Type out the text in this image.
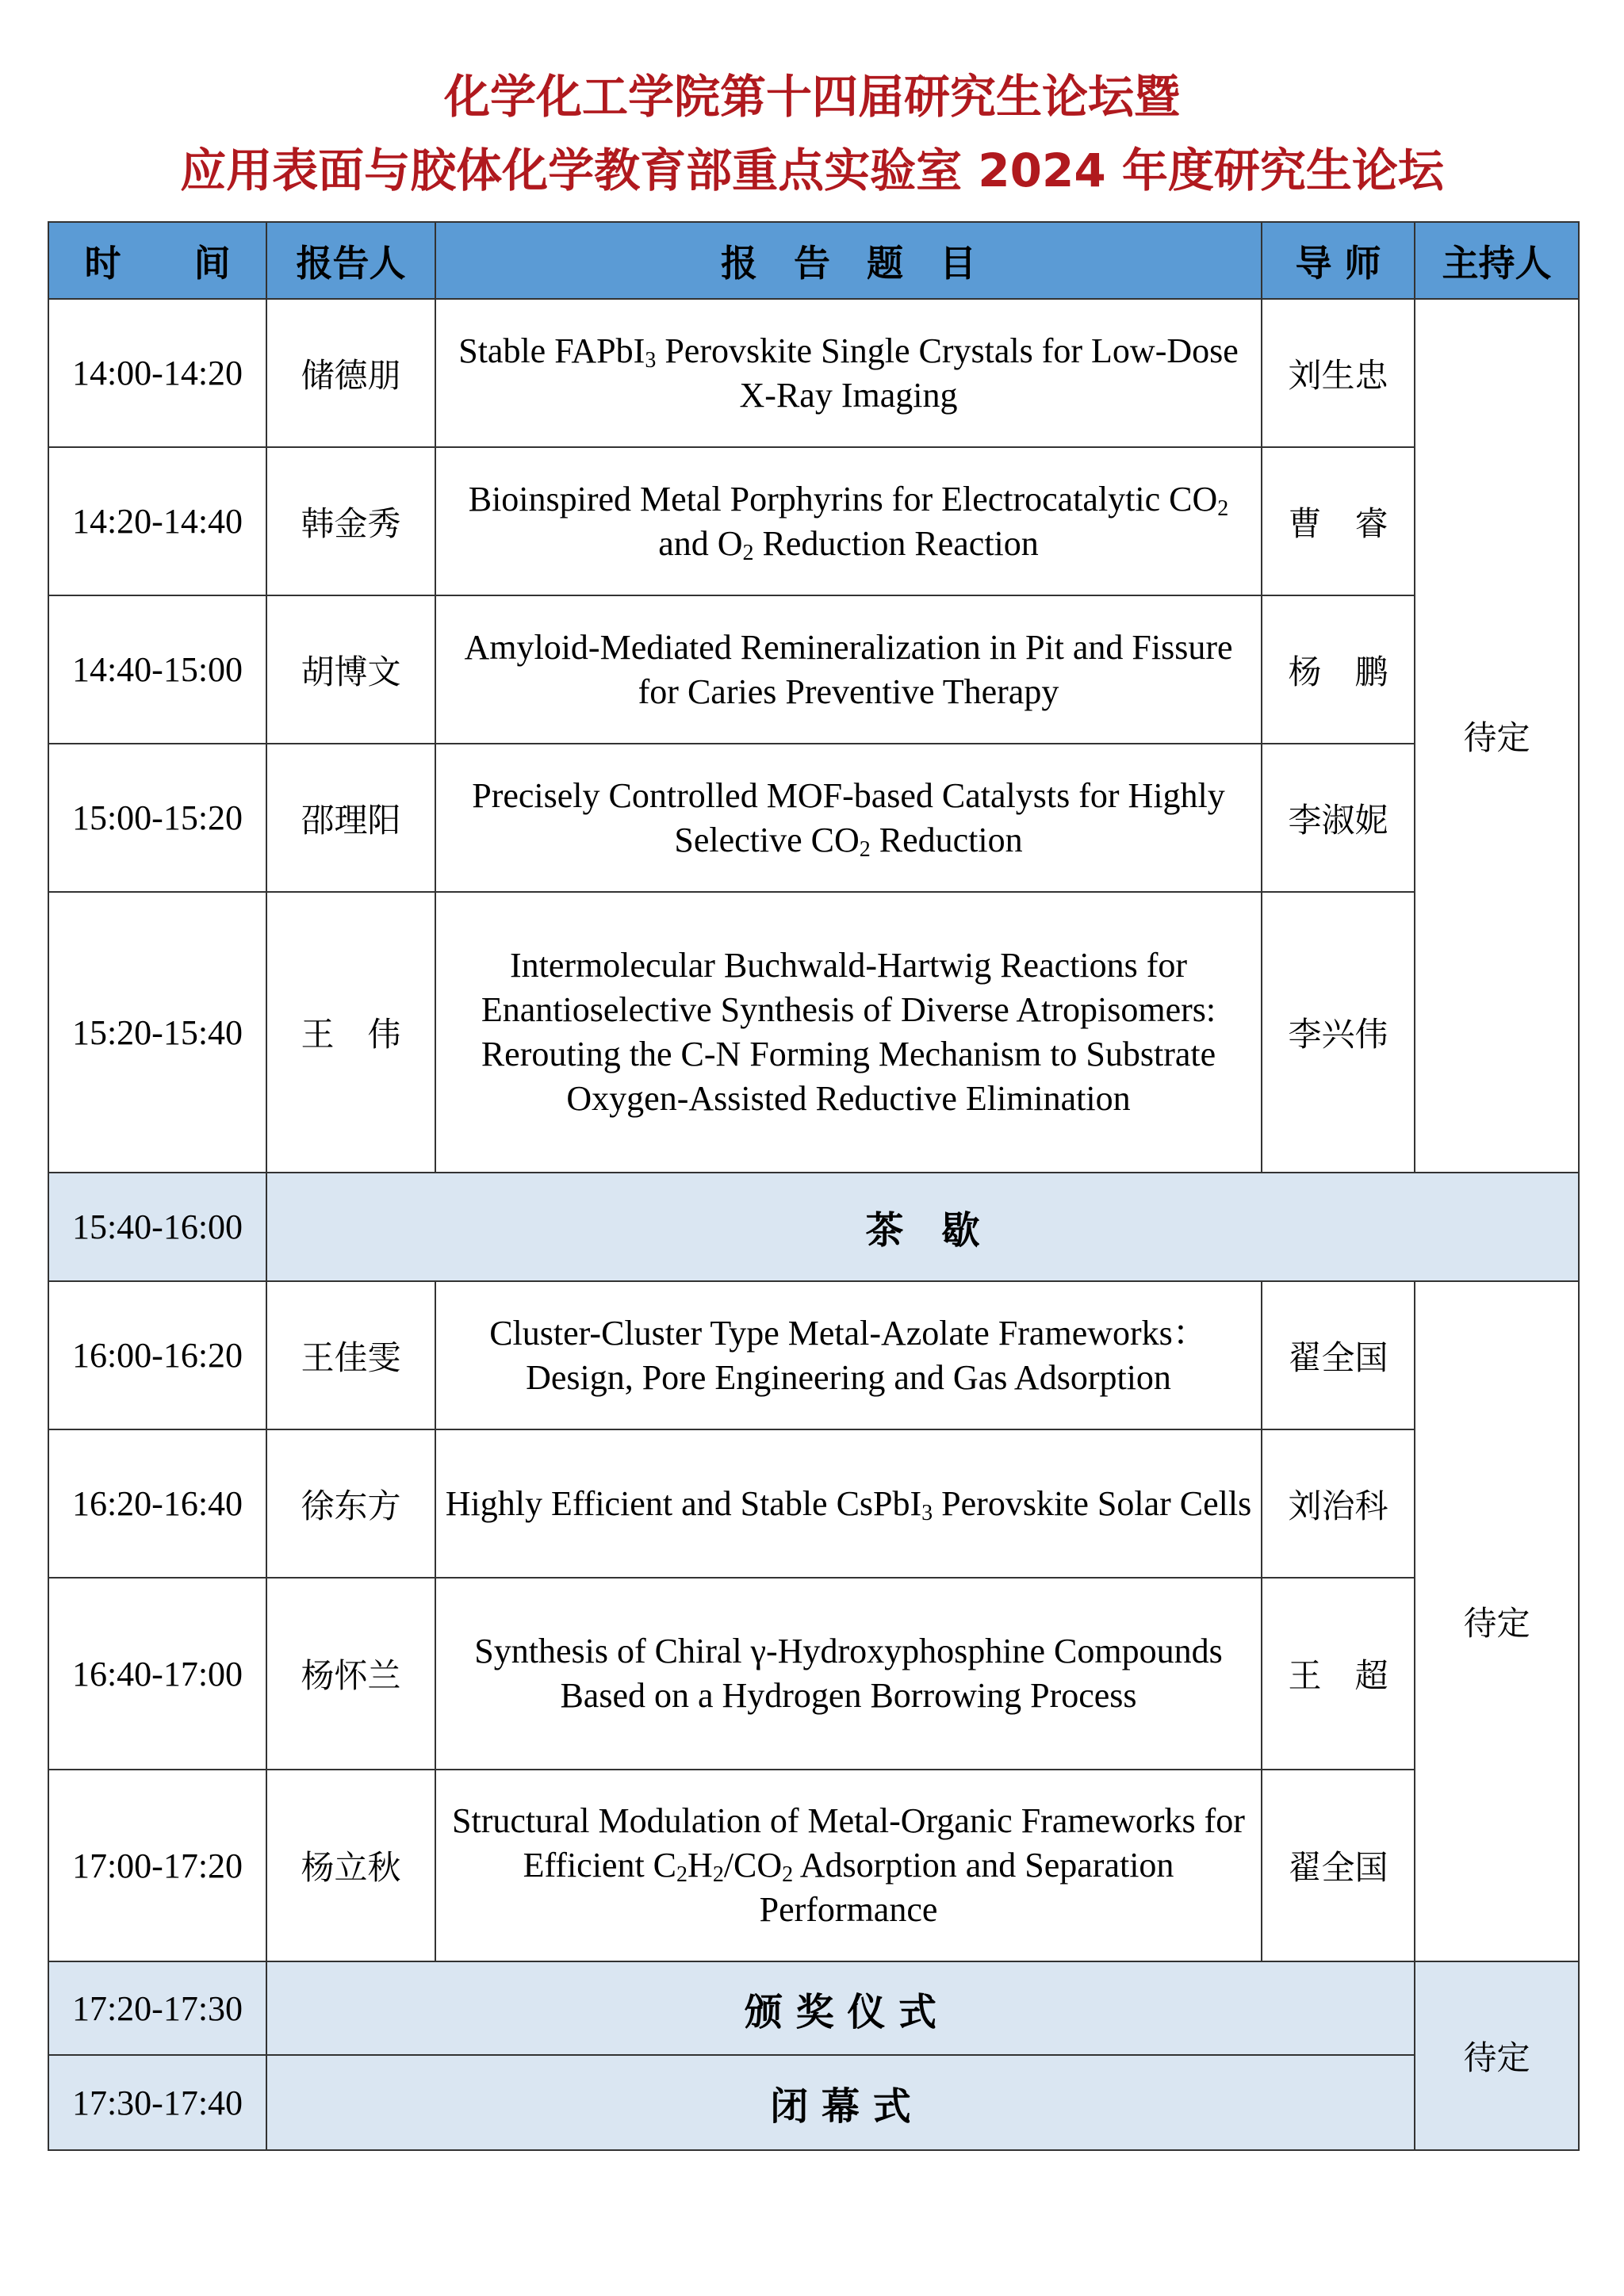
化学化工学院第十四届研究生论坛暨
应用表面与胶体化学教育部重点实验室 2024 年度研究生论坛
时　　间	报告人	报　告　题　目	导 师	主持人
14:00-14:20	储德朋	Stable FAPbI$_3$ Perovskite Single Crystals for Low-Dose X-Ray Imaging	刘生忠	待定
14:20-14:40	韩金秀	Bioinspired Metal Porphyrins for Electrocatalytic $CO_2$ and $O_2$ Reduction Reaction	曹　睿	
14:40-15:00	胡博文	Amyloid-Mediated Remineralization in Pit and Fissure for Caries Preventive Therapy	杨　鹏	
15:00-15:20	邵理阳	Precisely Controlled MOF-based Catalysts for Highly Selective $CO_2$ Reduction	李淑妮	
15:20-15:40	王　伟	Intermolecular Buchwald-Hartwig Reactions for Enantioselective Synthesis of Diverse Atropisomers: Rerouting the C-N Forming Mechanism to Substrate Oxygen-Assisted Reductive Elimination	李兴伟	
15:40-16:00	茶　歇			
16:00-16:20	王佳雯	Cluster-Cluster Type Metal-Azolate Frameworks：Design, Pore Engineering and Gas Adsorption	翟全国	待定
16:20-16:40	徐东方	Highly Efficient and Stable CsPbI$_3$ Perovskite Solar Cells	刘治科	
16:40-17:00	杨怀兰	Synthesis of Chiral γ-Hydroxyphosphine Compounds Based on a Hydrogen Borrowing Process	王　超	
17:00-17:20	杨立秋	Structural Modulation of Metal-Organic Frameworks for Efficient $C_2H_2/CO_2$ Adsorption and Separation Performance	翟全国	
17:20-17:30	颁 奖 仪 式			待定
17:30-17:40	闭 幕 式			
